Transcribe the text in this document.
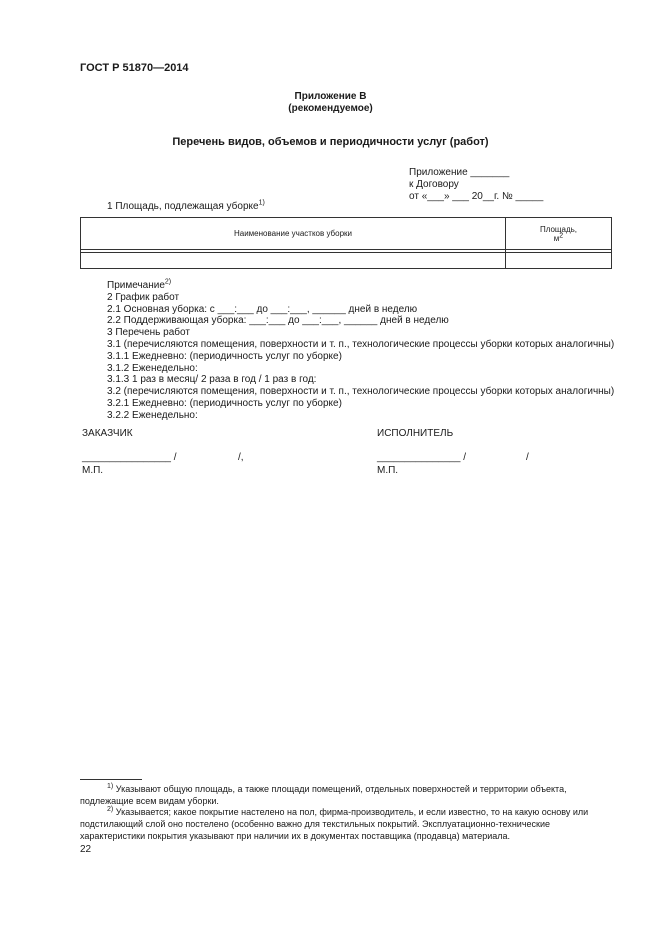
ГОСТ Р 51870—2014
Приложение В
(рекомендуемое)
Перечень видов, объемов и периодичности услуг (работ)
Приложение _______
к Договору
от «___» ___ 20__г. № _____
1 Площадь, подлежащая уборке$^{1)}$
Наименование участков уборки	Площадь,
$м^2$

Примечание$^{2)}$
2 График работ
2.1 Основная уборка: с ___:___ до ___:___, ______ дней в неделю
2.2 Поддерживающая уборка: ___:___ до ___:___, ______ дней в неделю
3 Перечень работ
3.1 (перечисляются помещения, поверхности и т. п., технологические процессы уборки которых аналогичны)
3.1.1 Ежедневно: (периодичность услуг по уборке)
3.1.2 Еженедельно:
3.1.3 1 раз в месяц/ 2 раза в год / 1 раз в год:
3.2 (перечисляются помещения, поверхности и т. п., технологические процессы уборки которых аналогичны)
3.2.1 Ежедневно: (периодичность услуг по уборке)
3.2.2 Еженедельно:
ЗАКАЗЧИК
________________ /	/,
М.П.
ИСПОЛНИТЕЛЬ
_______________ /	/
М.П.
$^{1)}$ Указывают общую площадь, а также площади помещений, отдельных поверхностей и территории объекта, подлежащие всем видам уборки.
$^{2)}$ Указывается; какое покрытие настелено на пол, фирма-производитель, и если известно, то на какую основу или подстилающий слой оно постелено (особенно важно для текстильных покрытий. Эксплуатационно-технические характеристики покрытия указывают при наличии их в документах поставщика (продавца) материала.
22
